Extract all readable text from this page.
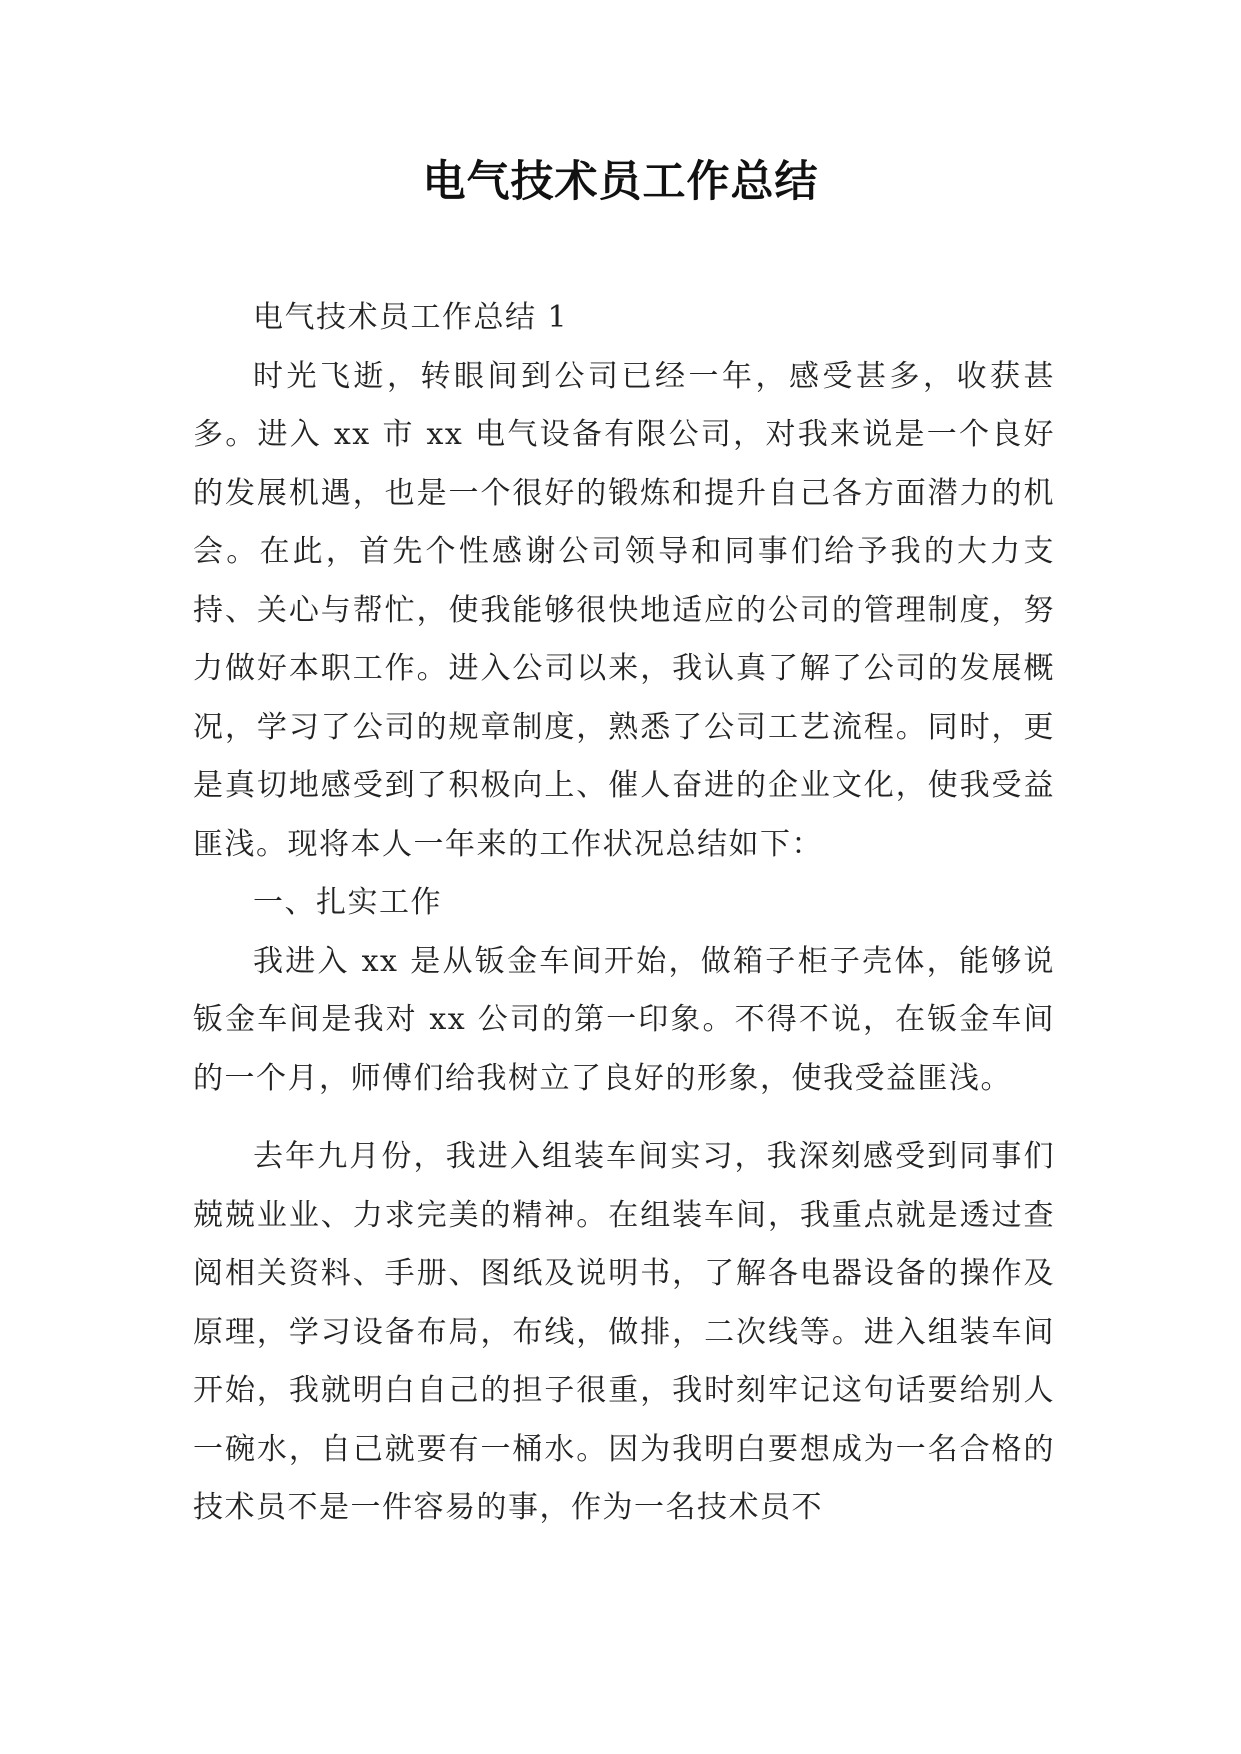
电气技术员工作总结

电气技术员工作总结 1

时光飞逝，转眼间到公司已经一年，感受甚多，收获甚多。进入 xx 市 xx 电气设备有限公司，对我来说是一个良好的发展机遇，也是一个很好的锻炼和提升自己各方面潜力的机会。在此，首先个性感谢公司领导和同事们给予我的大力支持、关心与帮忙，使我能够很快地适应的公司的管理制度，努力做好本职工作。进入公司以来，我认真了解了公司的发展概况，学习了公司的规章制度，熟悉了公司工艺流程。同时，更是真切地感受到了积极向上、催人奋进的企业文化，使我受益匪浅。现将本人一年来的工作状况总结如下：

一、扎实工作

我进入 xx 是从钣金车间开始，做箱子柜子壳体，能够说钣金车间是我对 xx 公司的第一印象。不得不说，在钣金车间的一个月，师傅们给我树立了良好的形象，使我受益匪浅。

去年九月份，我进入组装车间实习，我深刻感受到同事们兢兢业业、力求完美的精神。在组装车间，我重点就是透过查阅相关资料、手册、图纸及说明书，了解各电器设备的操作及原理，学习设备布局，布线，做排，二次线等。进入组装车间开始，我就明白自己的担子很重，我时刻牢记这句话要给别人一碗水，自己就要有一桶水。因为我明白要想成为一名合格的技术员不是一件容易的事，作为一名技术员不
